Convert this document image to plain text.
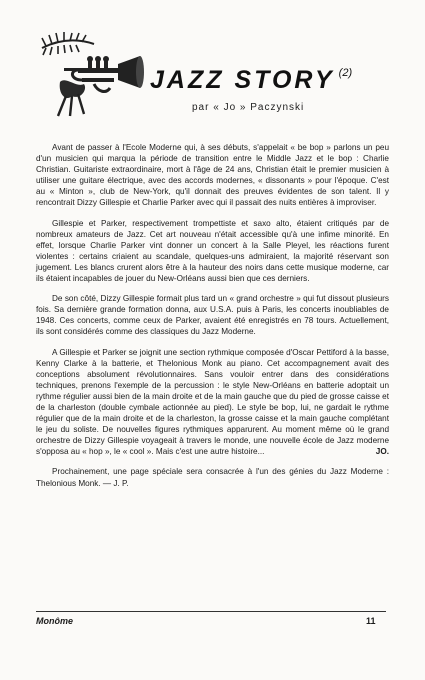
JAZZ STORY $^{(2)}$
par « Jo » Paczynski

Avant de passer à l'Ecole Moderne qui, à ses débuts, s'appelait « be bop » parlons un peu d'un musicien qui marqua la période de transition entre le Middle Jazz et le bop : Charlie Christian. Guitariste extraordinaire, mort à l'âge de 24 ans, Christian était le premier musicien à utiliser une guitare électrique, avec des accords modernes, « dissonants » pour l'époque. C'est au « Minton », club de New-York, qu'il donnait des preuves évidentes de son talent. Il y rencontrait Dizzy Gillespie et Charlie Parker avec qui il passait des nuits entières à improviser.

Gillespie et Parker, respectivement trompettiste et saxo alto, étaient critiqués par de nombreux amateurs de Jazz. Cet art nouveau n'était accessible qu'à une infime minorité. En effet, lorsque Charlie Parker vint donner un concert à la Salle Pleyel, les réactions furent violentes : certains criaient au scandale, quelques-uns admiraient, la majorité réservant son jugement. Les blancs crurent alors être à la hauteur des noirs dans cette musique moderne, car ils étaient incapables de jouer du New-Orléans aussi bien que ces derniers.

De son côté, Dizzy Gillespie formait plus tard un « grand orchestre » qui fut dissout plusieurs fois. Sa dernière grande formation donna, aux U.S.A. puis à Paris, les concerts inoubliables de 1948. Ces concerts, comme ceux de Parker, avaient été enregistrés en 78 tours. Actuellement, ils sont considérés comme des classiques du Jazz Moderne.

A Gillespie et Parker se joignit une section rythmique composée d'Oscar Pettiford à la basse, Kenny Clarke à la batterie, et Thelonious Monk au piano. Cet accompagnement avait des conceptions absolument révolutionnaires. Sans vouloir entrer dans des considérations techniques, prenons l'exemple de la percussion : le style New-Orléans en batterie adoptait un rythme régulier aussi bien de la main droite et de la main gauche que du pied de grosse caisse et de la charleston (double cymbale actionnée au pied). Le style be bop, lui, ne gardait le rythme régulier que de la main droite et de la charleston, la grosse caisse et la main gauche complétant le jeu du soliste. De nouvelles figures rythmiques apparurent. Au moment même où le grand orchestre de Dizzy Gillespie voyageait à travers le monde, une nouvelle école de Jazz moderne s'opposa au « hop », le « cool ». Mais c'est une autre histoire...	JO.

Prochainement, une page spéciale sera consacrée à l'un des génies du Jazz Moderne : Thelonious Monk. — J. P.

Monôme	11
